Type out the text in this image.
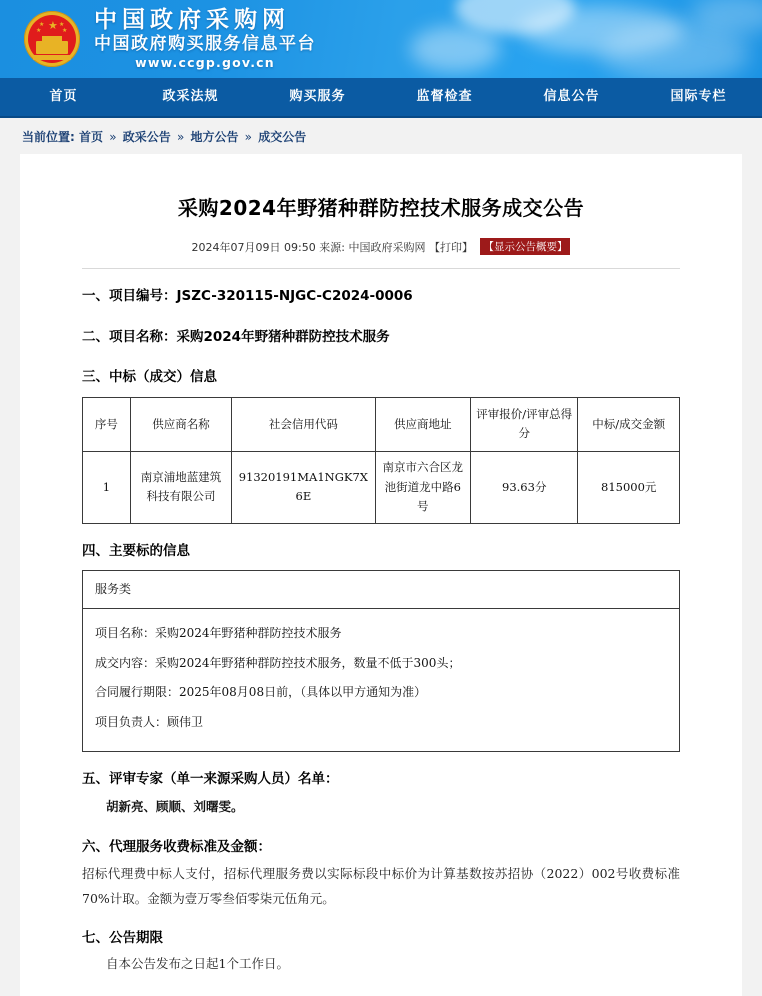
★
★
★
★
★ 中国政府采购网
中国政府购买服务信息平台
www.ccgp.gov.cn
首页	政采法规	购买服务	监督检查	信息公告	国际专栏
当前位置: 首页 » 政采公告 » 地方公告 » 成交公告
采购2024年野猪种群防控技术服务成交公告
2024年07月09日 09:50 来源: 中国政府采购网 【打印】 【显示公告概要】
一、项目编号：JSZC-320115-NJGC-C2024-0006
二、项目名称：采购2024年野猪种群防控技术服务
三、中标（成交）信息
序号	供应商名称	社会信用代码	供应商地址	评审报价/评审总得分	中标/成交金额
1	南京浦地蓝建筑科技有限公司	91320191MA1NGK7X6E	南京市六合区龙池街道龙中路6号	93.63分	815000元
四、主要标的信息
服务类

项目名称：采购2024年野猪种群防控技术服务
成交内容：采购2024年野猪种群防控技术服务，数量不低于300头；
合同履行期限：2025年08月08日前，（具体以甲方通知为准）
项目负责人：顾伟卫
五、评审专家（单一来源采购人员）名单：
胡新亮、顾顺、刘曙雯。
六、代理服务收费标准及金额：
招标代理费中标人支付，招标代理服务费以实际标段中标价为计算基数按苏招协（2022）002号收费标准70%计取。金额为壹万零叁佰零柒元伍角元。
七、公告期限
自本公告发布之日起1个工作日。
